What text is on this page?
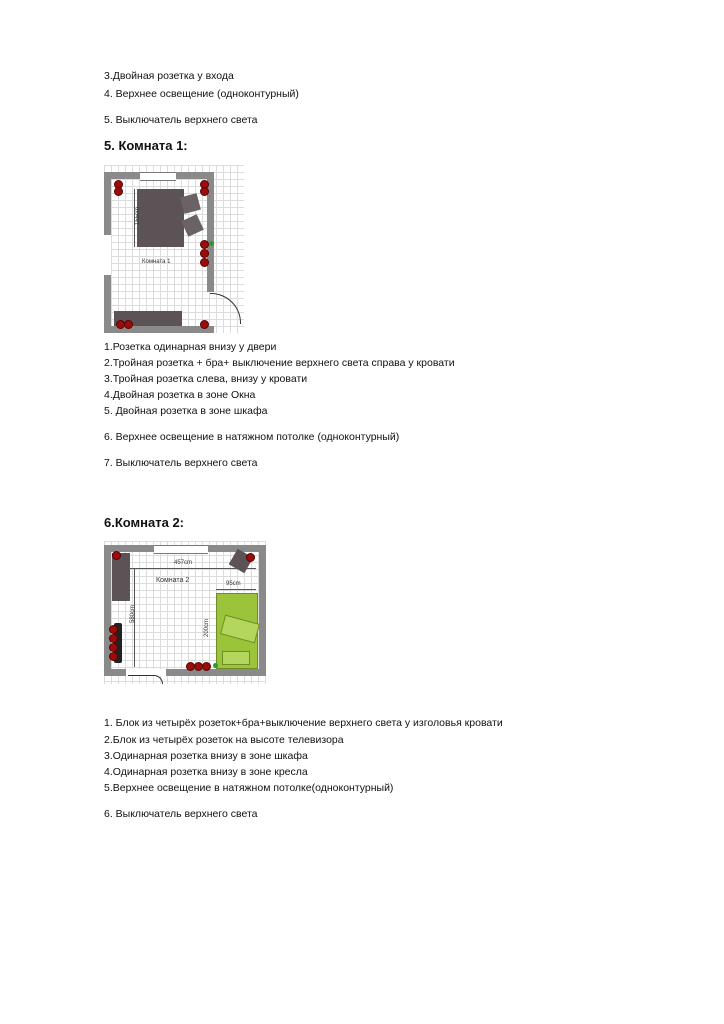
3.Двойная розетка у входа
4. Верхнее освещение (одноконтурный)
5. Выключатель верхнего света
5. Комната 1:
155cm
Комната 1
1.Розетка одинарная внизу у двери
2.Тройная розетка + бра+ выключение верхнего света справа у кровати
3.Тройная розетка слева, внизу у кровати
4.Двойная розетка в зоне Окна
5. Двойная розетка в зоне шкафа
6. Верхнее освещение в натяжном потолке (одноконтурный)
7. Выключатель верхнего света
6.Комната 2:
457cm
Комната 2	95cm
580cm
200cm
1. Блок из четырёх розеток+бра+выключение верхнего света у изголовья кровати
2.Блок из четырёх розеток на высоте телевизора
3.Одинарная розетка внизу в зоне шкафа
4.Одинарная розетка внизу в зоне кресла
5.Верхнее освещение в натяжном потолке(одноконтурный)
6. Выключатель верхнего света
